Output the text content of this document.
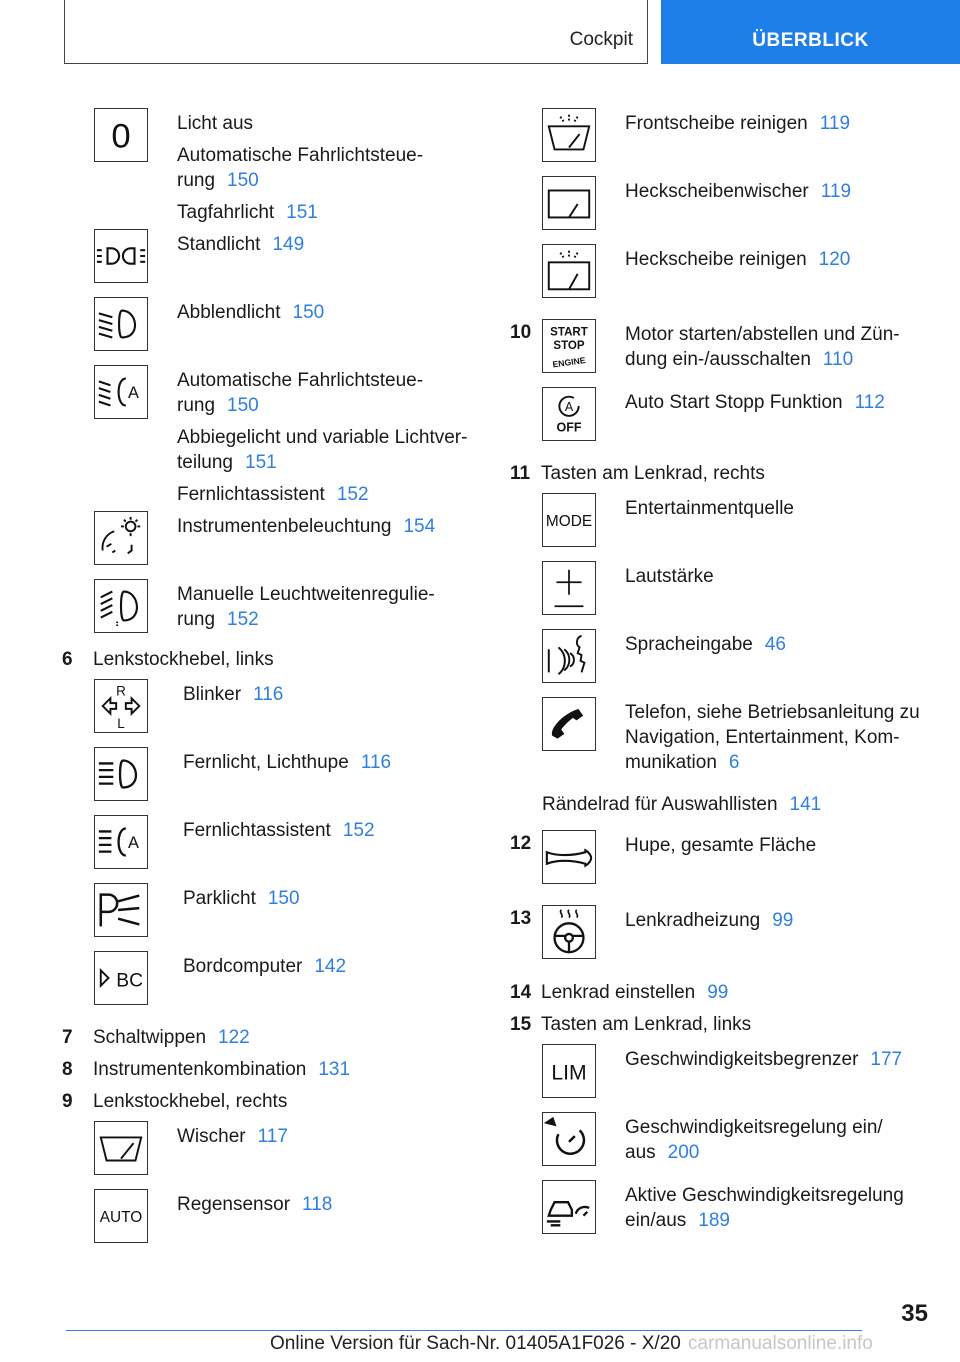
Cockpit	ÜBERBLICK
0 Licht aus
Automatische Fahrlichtsteue-rung 150
Tagfahrlicht 151
Standlicht 149
Abblendlicht 150
A
Automatische Fahrlichtsteue-rung 150
Abbiegelicht und variable Lichtver-teilung 151
Fernlichtassistent 152
Instrumentenbeleuchtung 154
Manuelle Leuchtweitenregulie-rung 152
6	Lenkstockhebel, links
R
L
Blinker 116
Fernlicht, Lichthupe 116
A
Fernlichtassistent 152
Parklicht 150
BC
Bordcomputer 142
7	Schaltwippen 122
8	Instrumentenkombination 131
9	Lenkstockhebel, rechts
Wischer 117
AUTO
Regensensor 118
Frontscheibe reinigen 119
Heckscheibenwischer 119
Heckscheibe reinigen 120
10	START
STOP
ENGINE
Motor starten/abstellen und Zün-dung ein-/ausschalten 110
A
OFF
Auto Start Stopp Funktion 112
11 Tasten am Lenkrad, rechts
MODE
Entertainmentquelle
Lautstärke
Spracheingabe 46
Telefon, siehe Betriebsanleitung zu Navigation, Entertainment, Kom-munikation 6
Rändelrad für Auswahllisten 141
12	Hupe, gesamte Fläche
13	Lenkradheizung 99
14 Lenkrad einstellen 99
15 Tasten am Lenkrad, links
LIM
Geschwindigkeitsbegrenzer 177
Geschwindigkeitsregelung ein/ aus 200
Aktive Geschwindigkeitsregelung ein/aus 189
35
Online Version für Sach-Nr. 01405A1F026 - X/20 carmanualsonline.info
